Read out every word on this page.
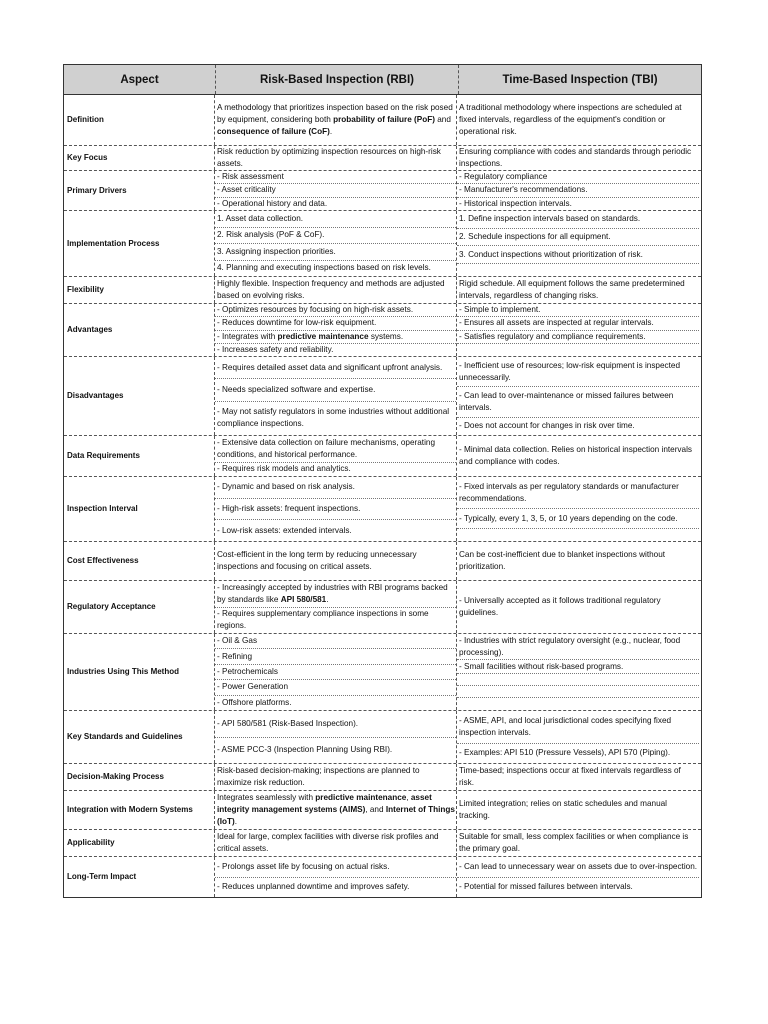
Aspect	Risk-Based Inspection (RBI)	Time-Based Inspection (TBI)
Definition
A methodology that prioritizes inspection based on the risk posed by equipment, considering both probability of failure (PoF) and consequence of failure (CoF).
A traditional methodology where inspections are scheduled at fixed intervals, regardless of the equipment's condition or operational risk.
Key Focus
Risk reduction by optimizing inspection resources on high-risk assets.
Ensuring compliance with codes and standards through periodic inspections.
Primary Drivers
- Risk assessment
- Asset criticality
- Operational history and data.
- Regulatory compliance
- Manufacturer's recommendations.
- Historical inspection intervals.
Implementation Process
1. Asset data collection.
2. Risk analysis (PoF & CoF).
3. Assigning inspection priorities.
4. Planning and executing inspections based on risk levels.
1. Define inspection intervals based on standards.
2. Schedule inspections for all equipment.
3. Conduct inspections without prioritization of risk.
Flexibility
Highly flexible. Inspection frequency and methods are adjusted based on evolving risks.
Rigid schedule. All equipment follows the same predetermined intervals, regardless of changing risks.
Advantages
- Optimizes resources by focusing on high-risk assets.
- Reduces downtime for low-risk equipment.
- Integrates with predictive maintenance systems.
- Increases safety and reliability.
- Simple to implement.
- Ensures all assets are inspected at regular intervals.
- Satisfies regulatory and compliance requirements.
Disadvantages
- Requires detailed asset data and significant upfront analysis.
- Needs specialized software and expertise.
- May not satisfy regulators in some industries without additional compliance inspections.
- Inefficient use of resources; low-risk equipment is inspected unnecessarily.
- Can lead to over-maintenance or missed failures between intervals.
- Does not account for changes in risk over time.
Data Requirements
- Extensive data collection on failure mechanisms, operating conditions, and historical performance.
- Requires risk models and analytics.
- Minimal data collection. Relies on historical inspection intervals and compliance with codes.
Inspection Interval
- Dynamic and based on risk analysis.
- High-risk assets: frequent inspections.
- Low-risk assets: extended intervals.
- Fixed intervals as per regulatory standards or manufacturer recommendations.
- Typically, every 1, 3, 5, or 10 years depending on the code.
Cost Effectiveness
Cost-efficient in the long term by reducing unnecessary inspections and focusing on critical assets.
Can be cost-inefficient due to blanket inspections without prioritization.
Regulatory Acceptance
- Increasingly accepted by industries with RBI programs backed by standards like API 580/581.
- Requires supplementary compliance inspections in some regions.
- Universally accepted as it follows traditional regulatory guidelines.
Industries Using This Method
- Oil & Gas
- Refining
- Petrochemicals
- Power Generation
- Offshore platforms.
- Industries with strict regulatory oversight (e.g., nuclear, food processing).
- Small facilities without risk-based programs.
Key Standards and Guidelines
- API 580/581 (Risk-Based Inspection).
- ASME PCC-3 (Inspection Planning Using RBI).
- ASME, API, and local jurisdictional codes specifying fixed inspection intervals.
- Examples: API 510 (Pressure Vessels), API 570 (Piping).
Decision-Making Process
Risk-based decision-making; inspections are planned to maximize risk reduction.
Time-based; inspections occur at fixed intervals regardless of risk.
Integration with Modern Systems
Integrates seamlessly with predictive maintenance, asset integrity management systems (AIMS), and Internet of Things (IoT).
Limited integration; relies on static schedules and manual tracking.
Applicability
Ideal for large, complex facilities with diverse risk profiles and critical assets.
Suitable for small, less complex facilities or when compliance is the primary goal.
Long-Term Impact
- Prolongs asset life by focusing on actual risks.
- Reduces unplanned downtime and improves safety.
- Can lead to unnecessary wear on assets due to over-inspection.
- Potential for missed failures between intervals.
